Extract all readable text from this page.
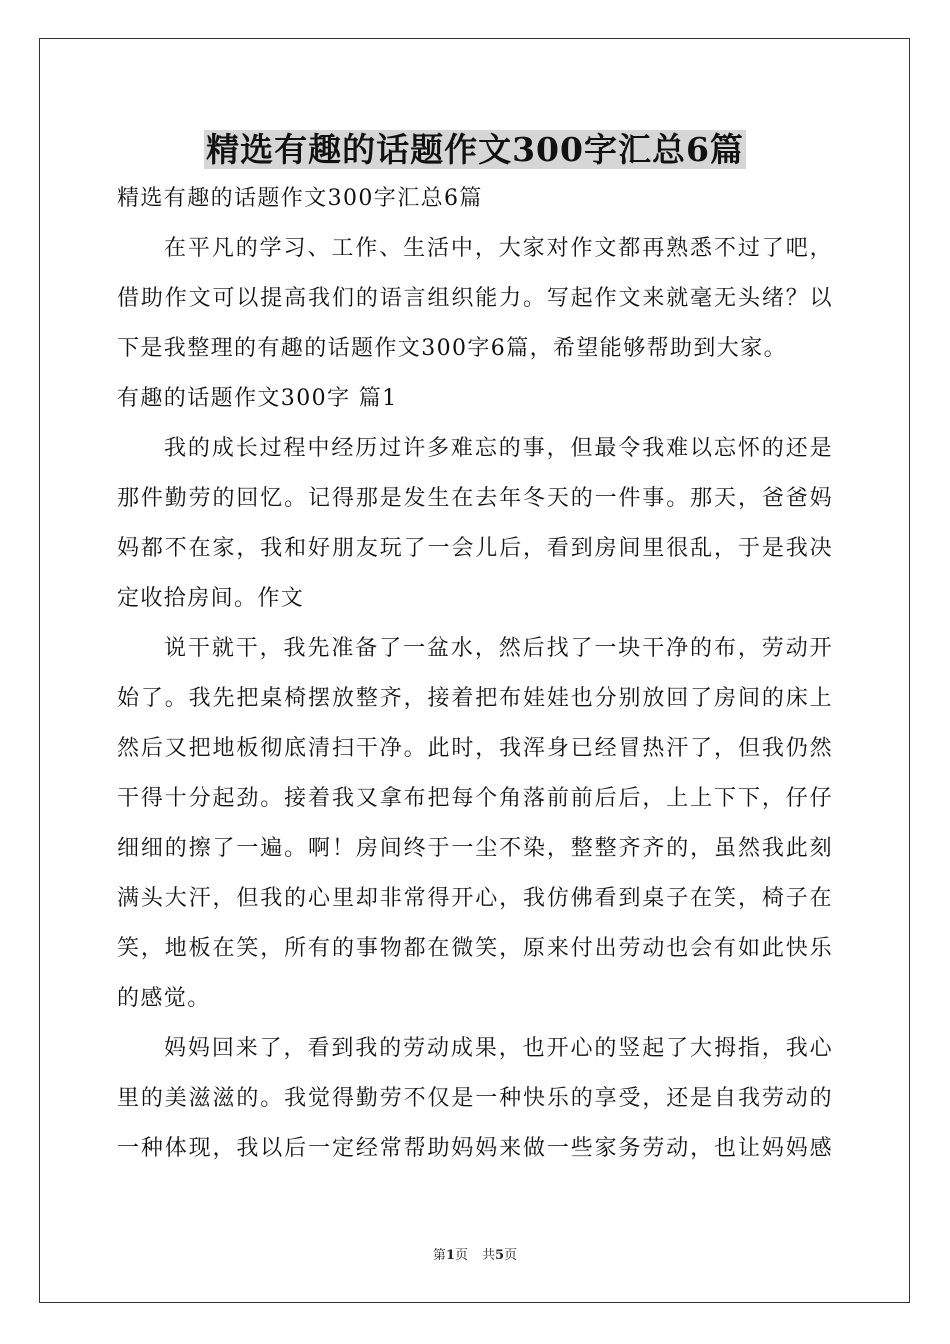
精选有趣的话题作文300字汇总6篇
精选有趣的话题作文300字汇总6篇
在平凡的学习、工作、生活中，大家对作文都再熟悉不过了吧，
借助作文可以提高我们的语言组织能力。写起作文来就毫无头绪？以
下是我整理的有趣的话题作文300字6篇，希望能够帮助到大家。
有趣的话题作文300字 篇1
我的成长过程中经历过许多难忘的事，但最令我难以忘怀的还是
那件勤劳的回忆。记得那是发生在去年冬天的一件事。那天，爸爸妈
妈都不在家，我和好朋友玩了一会儿后，看到房间里很乱，于是我决
定收拾房间。作文
说干就干，我先准备了一盆水，然后找了一块干净的布，劳动开
始了。我先把桌椅摆放整齐，接着把布娃娃也分别放回了房间的床上
然后又把地板彻底清扫干净。此时，我浑身已经冒热汗了，但我仍然
干得十分起劲。接着我又拿布把每个角落前前后后，上上下下，仔仔
细细的擦了一遍。啊！房间终于一尘不染，整整齐齐的，虽然我此刻
满头大汗，但我的心里却非常得开心，我仿佛看到桌子在笑，椅子在
笑，地板在笑，所有的事物都在微笑，原来付出劳动也会有如此快乐
的感觉。
妈妈回来了，看到我的劳动成果，也开心的竖起了大拇指，我心
里的美滋滋的。我觉得勤劳不仅是一种快乐的享受，还是自我劳动的
一种体现，我以后一定经常帮助妈妈来做一些家务劳动，也让妈妈感
第1页 共5页
